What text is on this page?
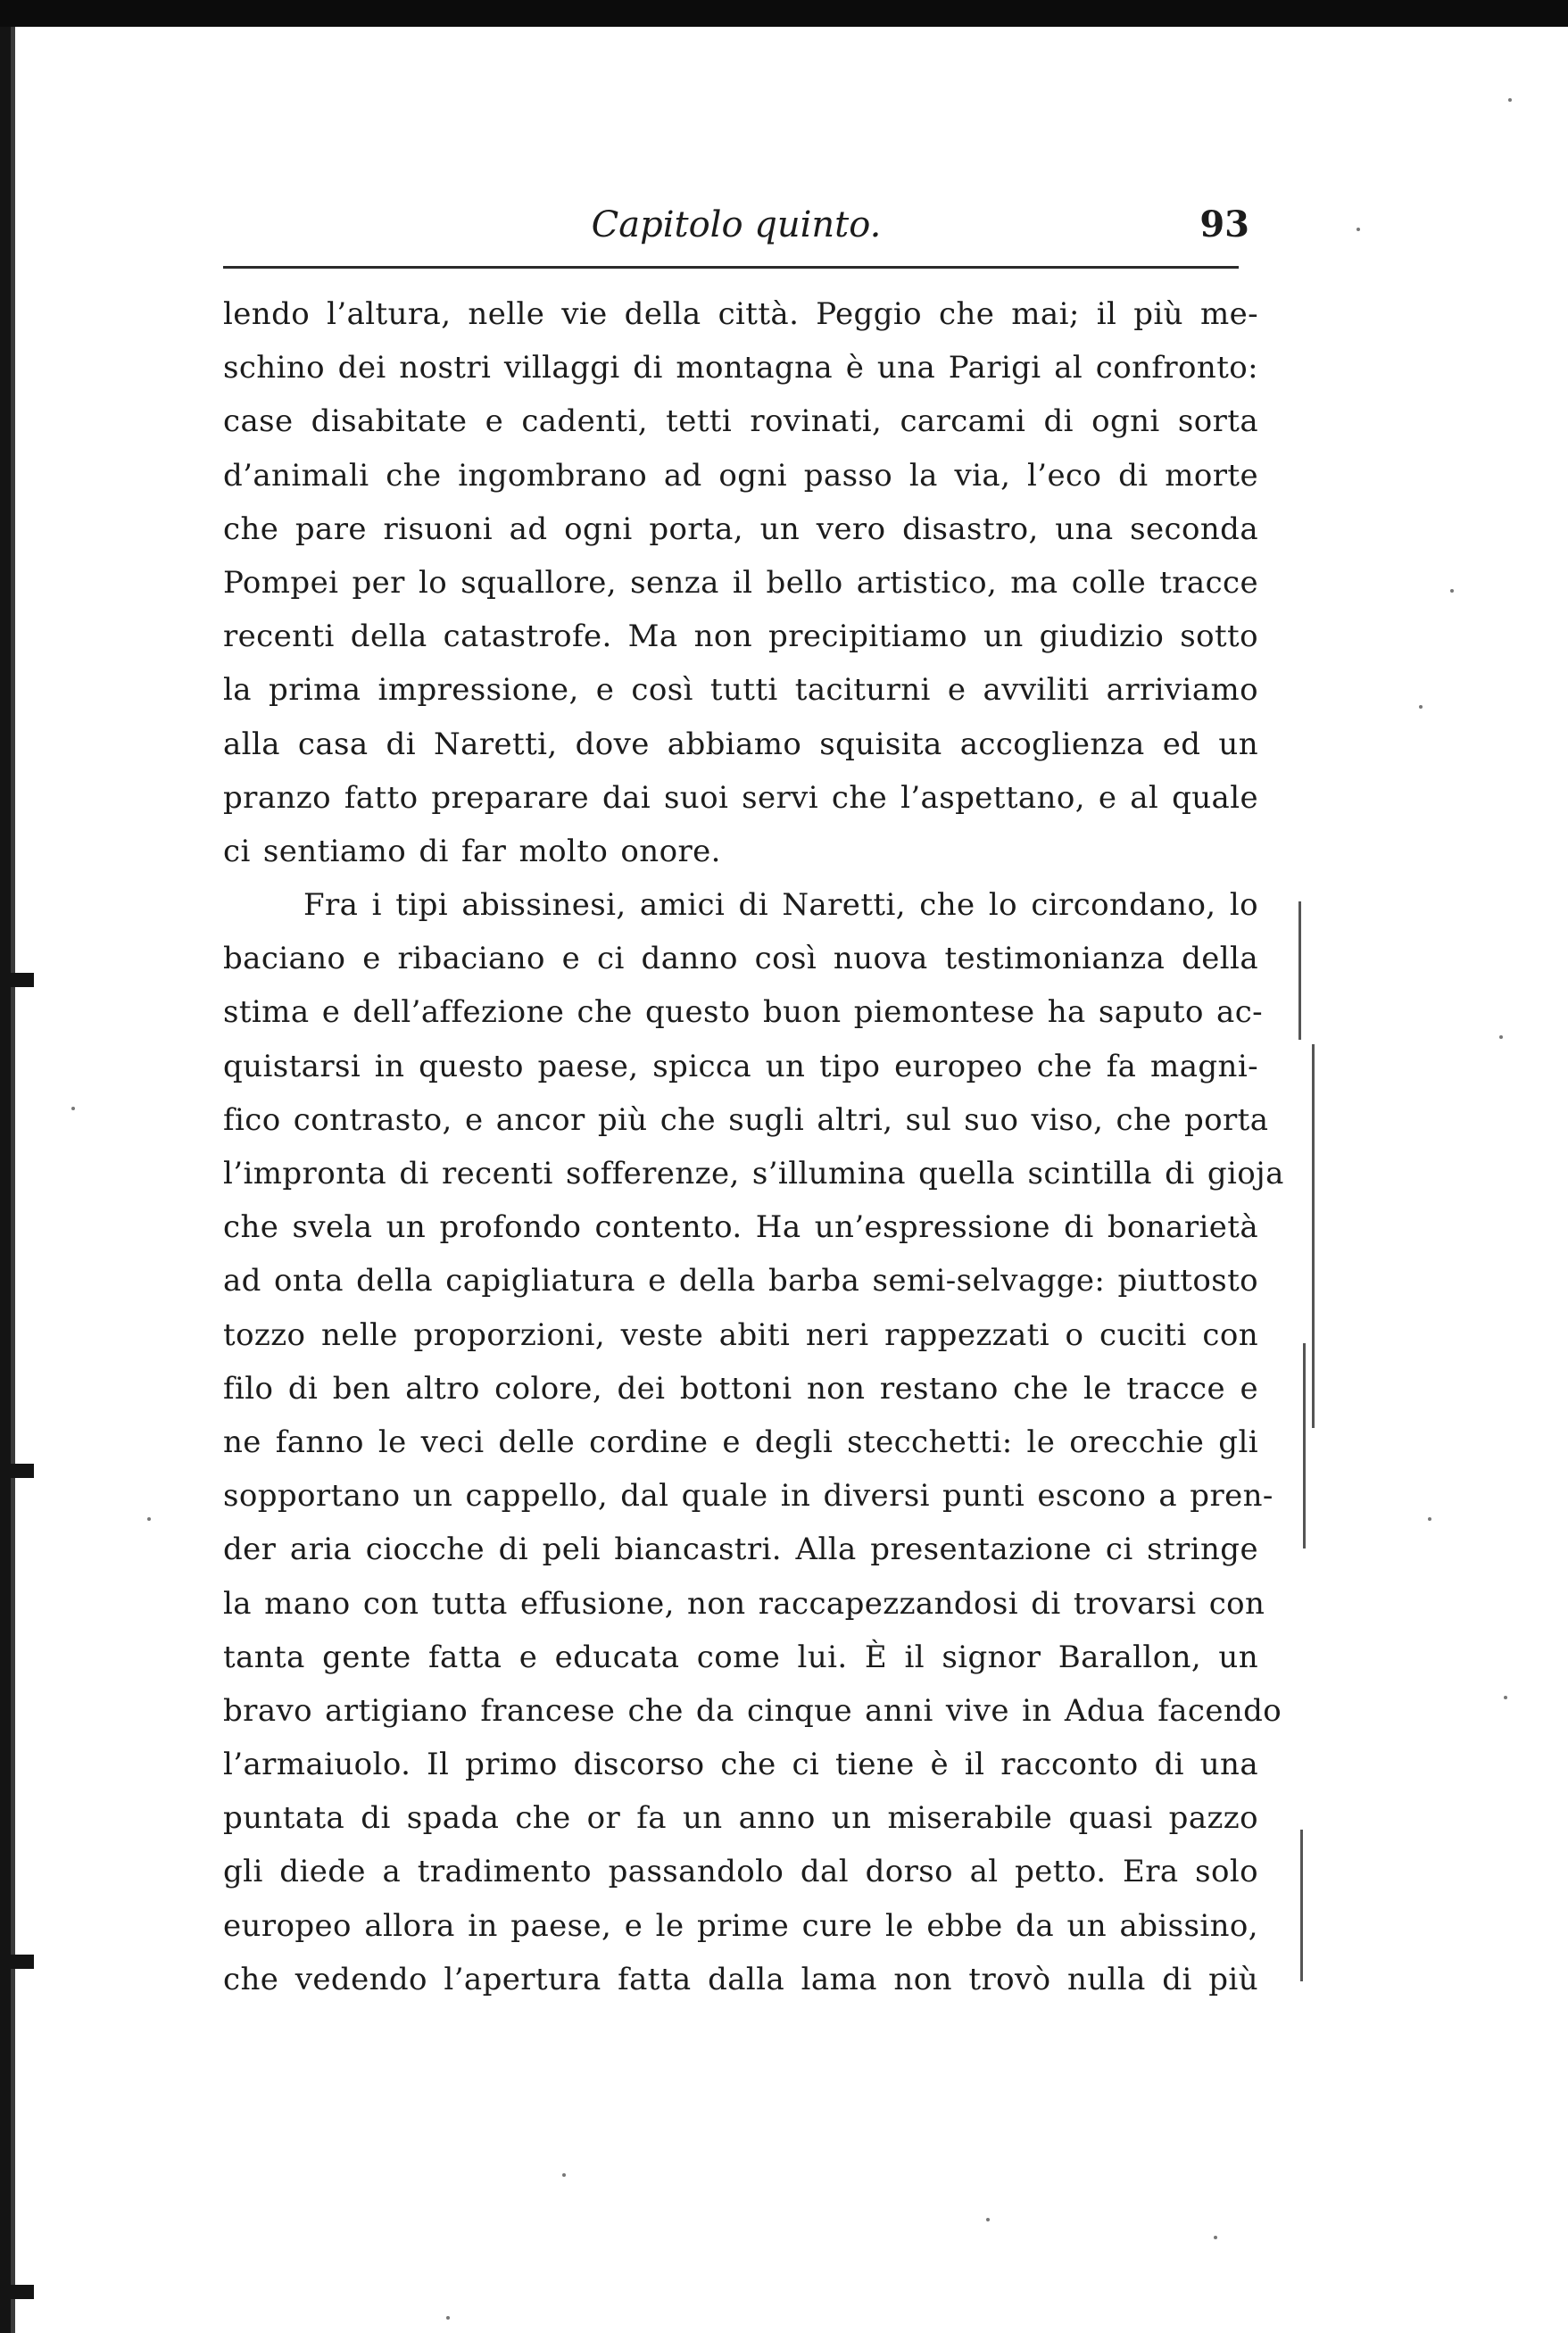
Capitolo quinto.	93
lendo l’altura, nelle vie della città. Peggio che mai; il più me-
schino dei nostri villaggi di montagna è una Parigi al confronto:
case disabitate e cadenti, tetti rovinati, carcami di ogni sorta
d’animali che ingombrano ad ogni passo la via, l’eco di morte
che pare risuoni ad ogni porta, un vero disastro, una seconda
Pompei per lo squallore, senza il bello artistico, ma colle tracce
recenti della catastrofe. Ma non precipitiamo un giudizio sotto
la prima impressione, e così tutti taciturni e avviliti arriviamo
alla casa di Naretti, dove abbiamo squisita accoglienza ed un
pranzo fatto preparare dai suoi servi che l’aspettano, e al quale
ci sentiamo di far molto onore.
Fra i tipi abissinesi, amici di Naretti, che lo circondano, lo
baciano e ribaciano e ci danno così nuova testimonianza della
stima e dell’affezione che questo buon piemontese ha saputo ac-
quistarsi in questo paese, spicca un tipo europeo che fa magni-
fico contrasto, e ancor più che sugli altri, sul suo viso, che porta
l’impronta di recenti sofferenze, s’illumina quella scintilla di gioja
che svela un profondo contento. Ha un’espressione di bonarietà
ad onta della capigliatura e della barba semi-selvagge: piuttosto
tozzo nelle proporzioni, veste abiti neri rappezzati o cuciti con
filo di ben altro colore, dei bottoni non restano che le tracce e
ne fanno le veci delle cordine e degli stecchetti: le orecchie gli
sopportano un cappello, dal quale in diversi punti escono a pren-
der aria ciocche di peli biancastri. Alla presentazione ci stringe
la mano con tutta effusione, non raccapezzandosi di trovarsi con
tanta gente fatta e educata come lui. È il signor Barallon, un
bravo artigiano francese che da cinque anni vive in Adua facendo
l’armaiuolo. Il primo discorso che ci tiene è il racconto di una
puntata di spada che or fa un anno un miserabile quasi pazzo
gli diede a tradimento passandolo dal dorso al petto. Era solo
europeo allora in paese, e le prime cure le ebbe da un abissino,
che vedendo l’apertura fatta dalla lama non trovò nulla di più
